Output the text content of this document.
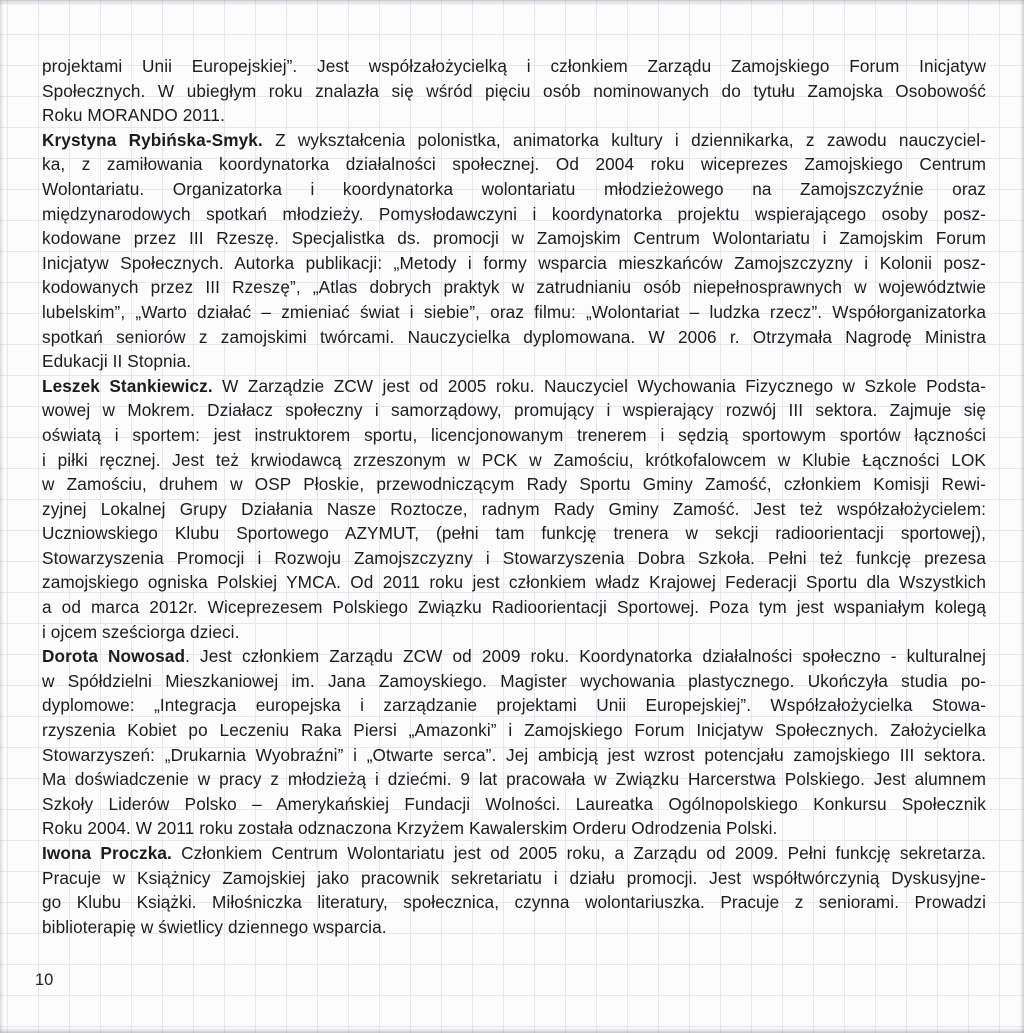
projektami Unii Europejskiej”. Jest współzałożycielką i członkiem Zarządu Zamojskiego Forum Inicjatyw
Społecznych. W ubiegłym roku znalazła się wśród pięciu osób nominowanych do tytułu Zamojska Osobowość
Roku MORANDO 2011.
Krystyna Rybińska-Smyk. Z wykształcenia polonistka, animatorka kultury i dziennikarka, z zawodu nauczyciel-
ka, z zamiłowania koordynatorka działalności społecznej. Od 2004 roku wiceprezes Zamojskiego Centrum
Wolontariatu. Organizatorka i koordynatorka wolontariatu młodzieżowego na Zamojszczyźnie oraz
międzynarodowych spotkań młodzieży. Pomysłodawczyni i koordynatorka projektu wspierającego osoby posz-
kodowane przez III Rzeszę. Specjalistka ds. promocji w Zamojskim Centrum Wolontariatu i Zamojskim Forum
Inicjatyw Społecznych. Autorka publikacji: „Metody i formy wsparcia mieszkańców Zamojszczyzny i Kolonii posz-
kodowanych przez III Rzeszę”, „Atlas dobrych praktyk w zatrudnianiu osób niepełnosprawnych w województwie
lubelskim”, „Warto działać – zmieniać świat i siebie”, oraz filmu: „Wolontariat – ludzka rzecz”. Współorganizatorka
spotkań seniorów z zamojskimi twórcami. Nauczycielka dyplomowana. W 2006 r. Otrzymała Nagrodę Ministra
Edukacji II Stopnia.
Leszek Stankiewicz. W Zarządzie ZCW jest od 2005 roku. Nauczyciel Wychowania Fizycznego w Szkole Podsta-
wowej w Mokrem. Działacz społeczny i samorządowy, promujący i wspierający rozwój III sektora. Zajmuje się
oświatą i sportem: jest instruktorem sportu, licencjonowanym trenerem i sędzią sportowym sportów łączności
i piłki ręcznej. Jest też krwiodawcą zrzeszonym w PCK w Zamościu, krótkofalowcem w Klubie Łączności LOK
w Zamościu, druhem w OSP Płoskie, przewodniczącym Rady Sportu Gminy Zamość, członkiem Komisji Rewi-
zyjnej Lokalnej Grupy Działania Nasze Roztocze, radnym Rady Gminy Zamość. Jest też współzałożycielem:
Uczniowskiego Klubu Sportowego AZYMUT, (pełni tam funkcję trenera w sekcji radioorientacji sportowej),
Stowarzyszenia Promocji i Rozwoju Zamojszczyzny i Stowarzyszenia Dobra Szkoła. Pełni też funkcję prezesa
zamojskiego ogniska Polskiej YMCA. Od 2011 roku jest członkiem władz Krajowej Federacji Sportu dla Wszystkich
a od marca 2012r. Wiceprezesem Polskiego Związku Radioorientacji Sportowej. Poza tym jest wspaniałym kolegą
i ojcem sześciorga dzieci.
Dorota Nowosad. Jest członkiem Zarządu ZCW od 2009 roku. Koordynatorka działalności społeczno - kulturalnej
w Spółdzielni Mieszkaniowej im. Jana Zamoyskiego. Magister wychowania plastycznego. Ukończyła studia po-
dyplomowe: „Integracja europejska i zarządzanie projektami Unii Europejskiej”. Współzałożycielka Stowa-
rzyszenia Kobiet po Leczeniu Raka Piersi „Amazonki” i Zamojskiego Forum Inicjatyw Społecznych. Założycielka
Stowarzyszeń: „Drukarnia Wyobraźni” i „Otwarte serca”. Jej ambicją jest wzrost potencjału zamojskiego III sektora.
Ma doświadczenie w pracy z młodzieżą i dziećmi. 9 lat pracowała w Związku Harcerstwa Polskiego. Jest alumnem
Szkoły Liderów Polsko – Amerykańskiej Fundacji Wolności. Laureatka Ogólnopolskiego Konkursu Społecznik
Roku 2004. W 2011 roku została odznaczona Krzyżem Kawalerskim Orderu Odrodzenia Polski.
Iwona Proczka. Członkiem Centrum Wolontariatu jest od 2005 roku, a Zarządu od 2009. Pełni funkcję sekretarza.
Pracuje w Książnicy Zamojskiej jako pracownik sekretariatu i działu promocji. Jest współtwórczynią Dyskusyjne-
go Klubu Książki. Miłośniczka literatury, społecznica, czynna wolontariuszka. Pracuje z seniorami. Prowadzi
biblioterapię w świetlicy dziennego wsparcia.
10
